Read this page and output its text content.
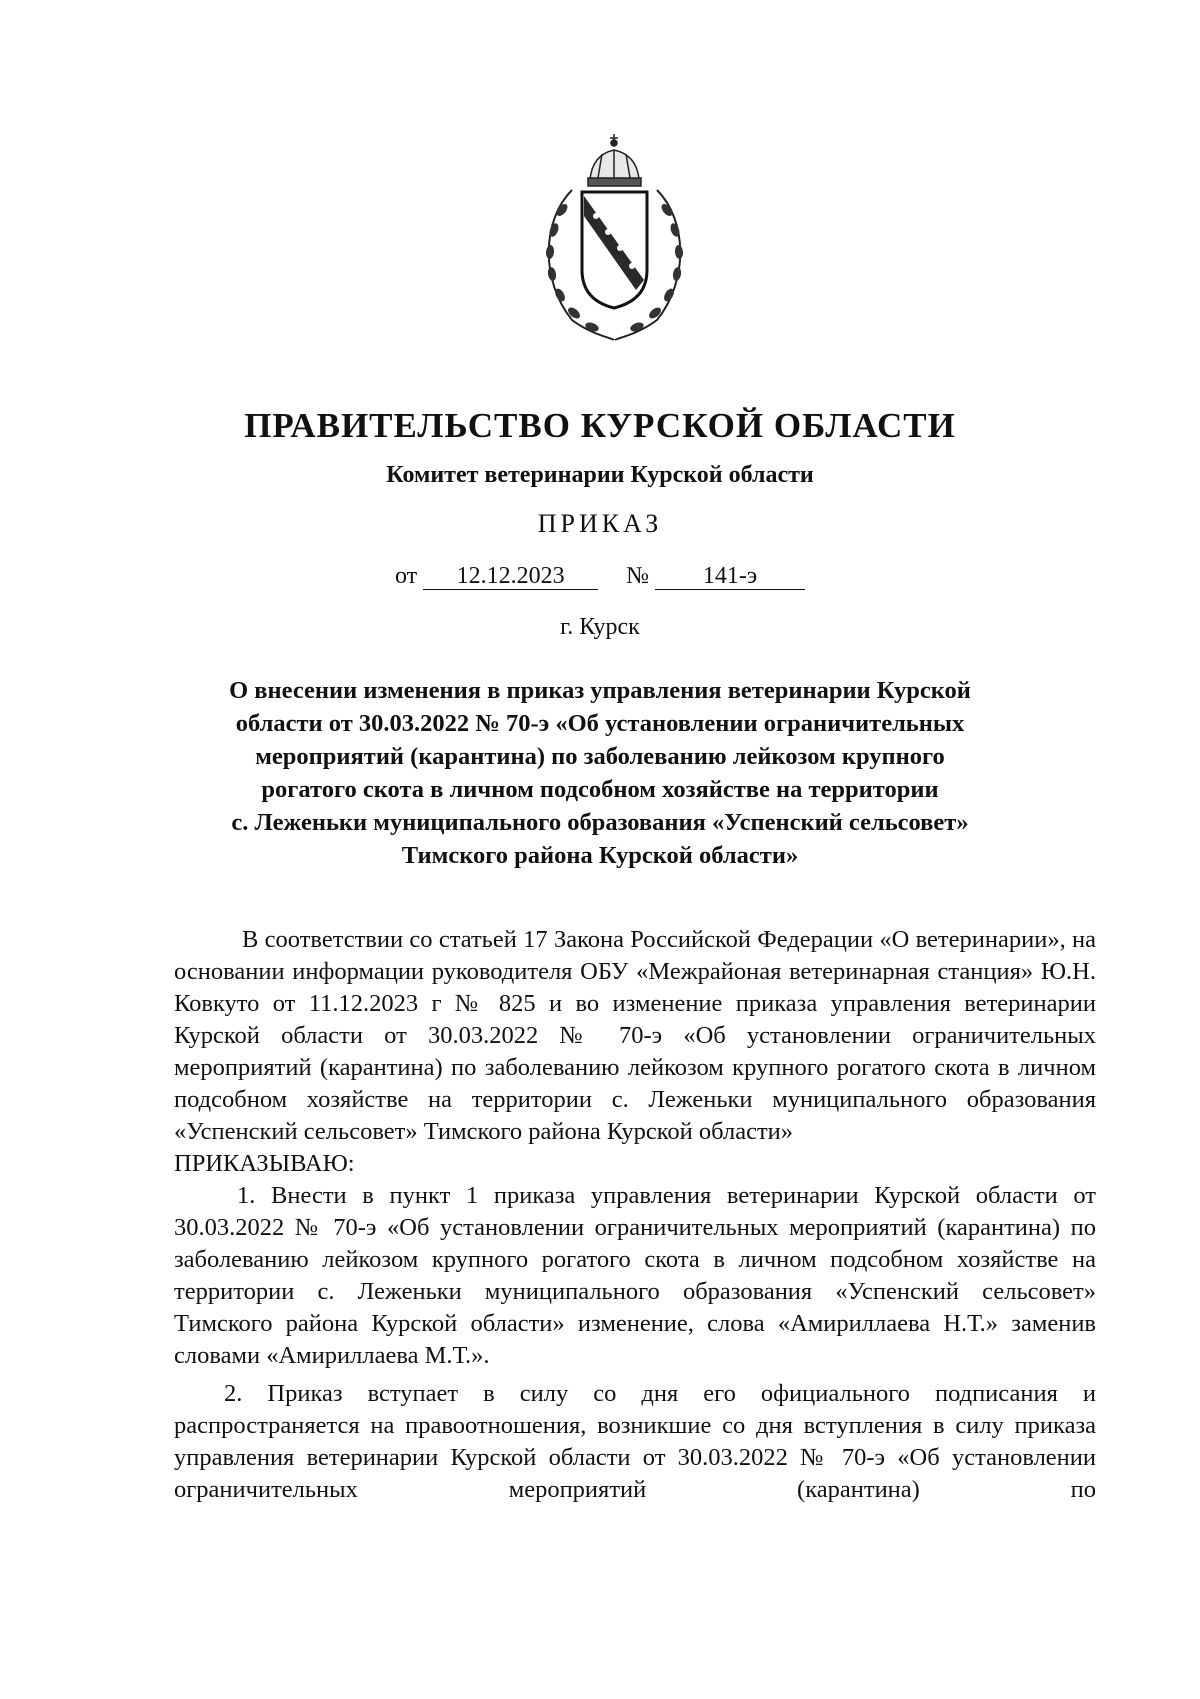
ПРАВИТЕЛЬСТВО КУРСКОЙ ОБЛАСТИ
Комитет ветеринарии Курской области
ПРИКАЗ
от 12.12.2023	№ 141-э
г. Курск
О внесении изменения в приказ управления ветеринарии Курской
области от 30.03.2022 № 70-э «Об установлении ограничительных
мероприятий (карантина) по заболеванию лейкозом крупного
рогатого скота в личном подсобном хозяйстве на территории
с. Леженьки муниципального образования «Успенский сельсовет»
Тимского района Курской области»

В соответствии со статьей 17 Закона Российской Федерации «О ветеринарии», на основании информации руководителя ОБУ «Межрайоная ветеринарная станция» Ю.Н. Ковкуто от 11.12.2023 г № 825 и во изменение приказа управления ветеринарии Курской области от 30.03.2022 № 70-э «Об установлении ограничительных мероприятий (карантина) по заболеванию лейкозом крупного рогатого скота в личном подсобном хозяйстве на территории с. Леженьки муниципального образования «Успенский сельсовет» Тимского района Курской области»

ПРИКАЗЫВАЮ:

1. Внести в пункт 1 приказа управления ветеринарии Курской области от 30.03.2022 № 70-э «Об установлении ограничительных мероприятий (карантина) по заболеванию лейкозом крупного рогатого скота в личном подсобном хозяйстве на территории с. Леженьки муниципального образования «Успенский сельсовет» Тимского района Курской области» изменение, слова «Амириллаева Н.Т.» заменив словами «Амириллаева М.Т.».

2. Приказ вступает в силу со дня его официального подписания и распространяется на правоотношения, возникшие со дня вступления в силу приказа управления ветеринарии Курской области от 30.03.2022 № 70-э «Об установлении ограничительных мероприятий (карантина) по
